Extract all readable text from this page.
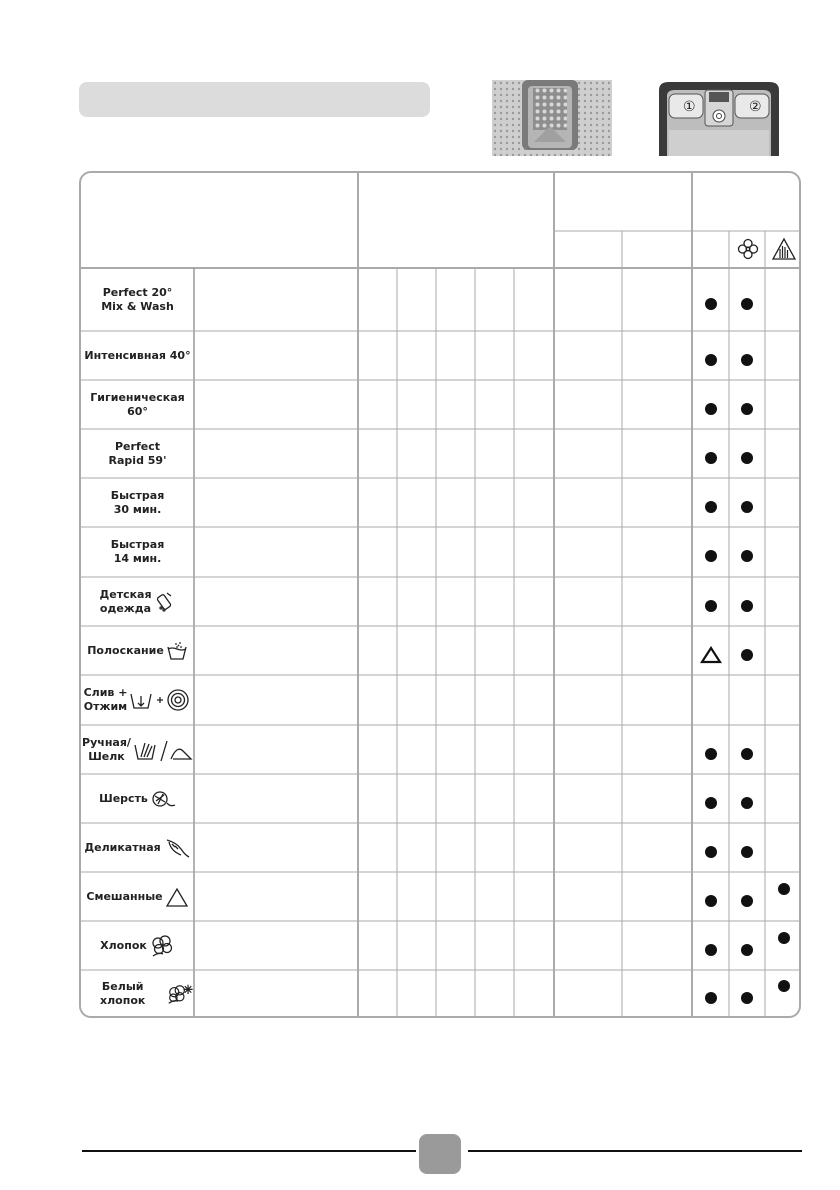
①	②
Perfect 20°
Mix & Wash
Интенсивная 40°
Гигиеническая 60°
Perfect
Rapid 59'
Быстрая
30 мин.
Быстрая
14 мин.
Детская
одежда
Полоскание
Слив +
Отжим
Ручная/
Шелк
Шерсть
Деликатная
Смешанные
Хлопок
Белый хлопок
